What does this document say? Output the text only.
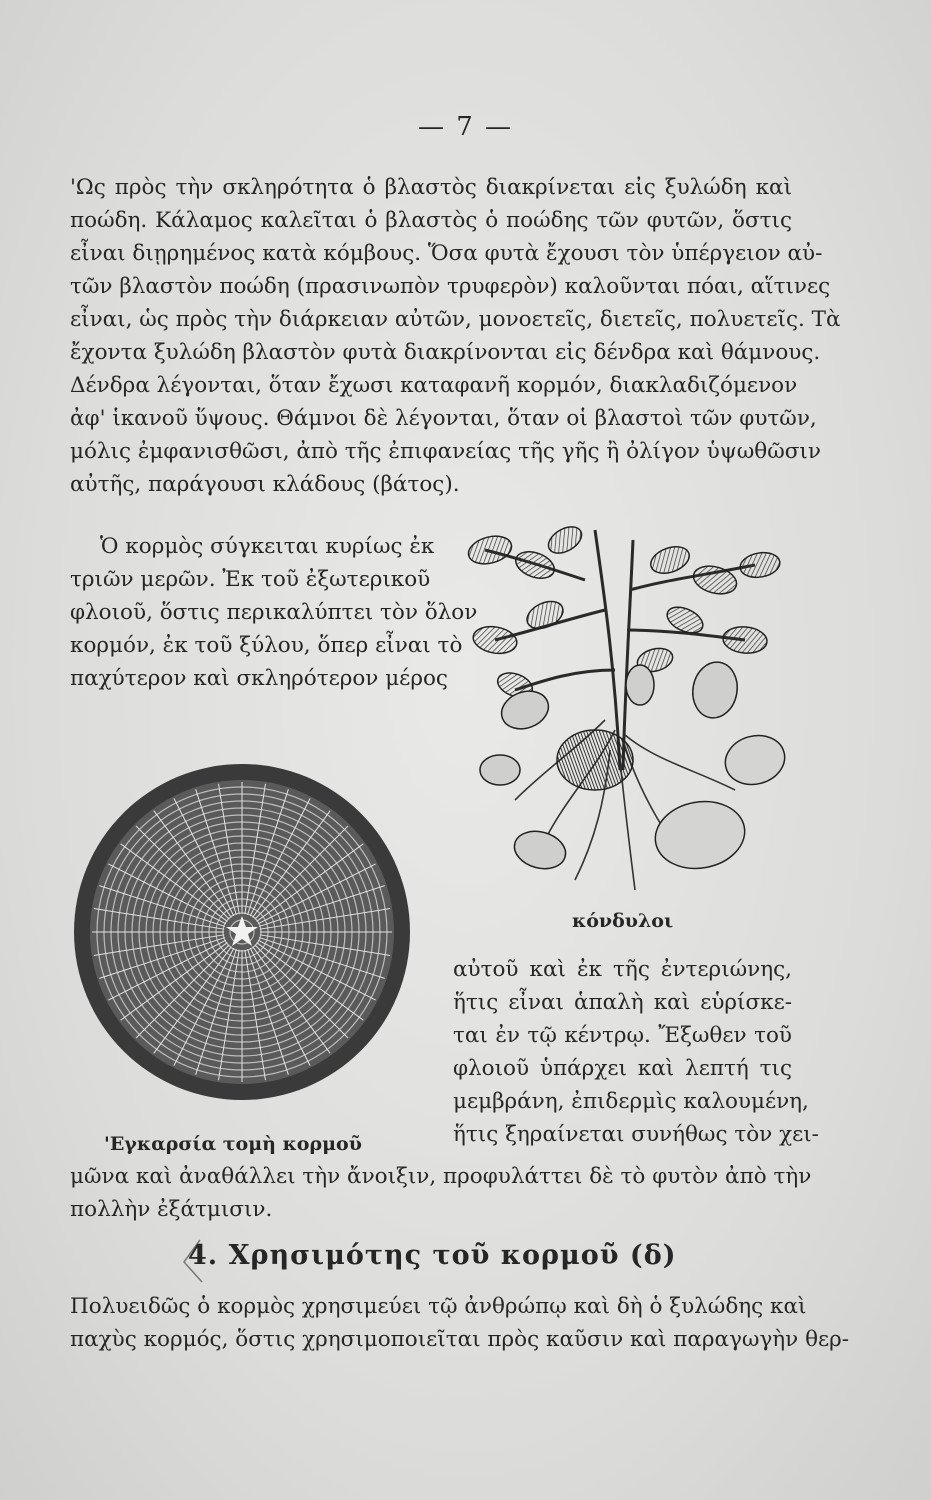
— 7 —
'Ως πρὸς τὴν σκληρότητα ὁ βλαστὸς διακρίνεται εἰς ξυλώδη καὶ
ποώδη. Κάλαμος καλεῖται ὁ βλαστὸς ὁ ποώδης τῶν φυτῶν, ὅστις
εἶναι διῃρημένος κατὰ κόμβους. Ὅσα φυτὰ ἔχουσι τὸν ὑπέργειον αὐ-
τῶν βλαστὸν ποώδη (πρασινωπὸν τρυφερὸν) καλοῦνται πόαι, αἵτινες
εἶναι, ὡς πρὸς τὴν διάρκειαν αὐτῶν, μονοετεῖς, διετεῖς, πολυετεῖς. Τὰ
ἔχοντα ξυλώδη βλαστὸν φυτὰ διακρίνονται εἰς δένδρα καὶ θάμνους.
Δένδρα λέγονται, ὅταν ἔχωσι καταφανῆ κορμόν, διακλαδιζόμενον
ἀφ' ἱκανοῦ ὕψους. Θάμνοι δὲ λέγονται, ὅταν οἱ βλαστοὶ τῶν φυτῶν,
μόλις ἐμφανισθῶσι, ἀπὸ τῆς ἐπιφανείας τῆς γῆς ἢ ὀλίγον ὑψωθῶσιν
αὐτῆς, παράγουσι κλάδους (βάτος).
Ὁ κορμὸς σύγκειται κυρίως ἐκ
τριῶν μερῶν. Ἐκ τοῦ ἐξωτερικοῦ
φλοιοῦ, ὅστις περικαλύπτει τὸν ὅλον
κορμόν, ἐκ τοῦ ξύλου, ὅπερ εἶναι τὸ
παχύτερον καὶ σκληρότερον μέρος
κόνδυλοι
'Εγκαρσία τομὴ κορμοῦ
αὐτοῦ καὶ ἐκ τῆς ἐντεριώνης,
ἥτις εἶναι ἁπαλὴ καὶ εὑρίσκε-
ται ἐν τῷ κέντρῳ. Ἔξωθεν τοῦ
φλοιοῦ ὑπάρχει καὶ λεπτή τις
μεμβράνη, ἐπιδερμὶς καλουμένη,
ἥτις ξηραίνεται συνήθως τὸν χει-
μῶνα καὶ ἀναθάλλει τὴν ἄνοιξιν, προφυλάττει δὲ τὸ φυτὸν ἀπὸ τὴν
πολλὴν ἐξάτμισιν.
4. Χρησιμότης τοῦ κορμοῦ (δ)
Πολυειδῶς ὁ κορμὸς χρησιμεύει τῷ ἀνθρώπῳ καὶ δὴ ὁ ξυλώδης καὶ
παχὺς κορμός, ὅστις χρησιμοποιεῖται πρὸς καῦσιν καὶ παραγωγὴν θερ-
